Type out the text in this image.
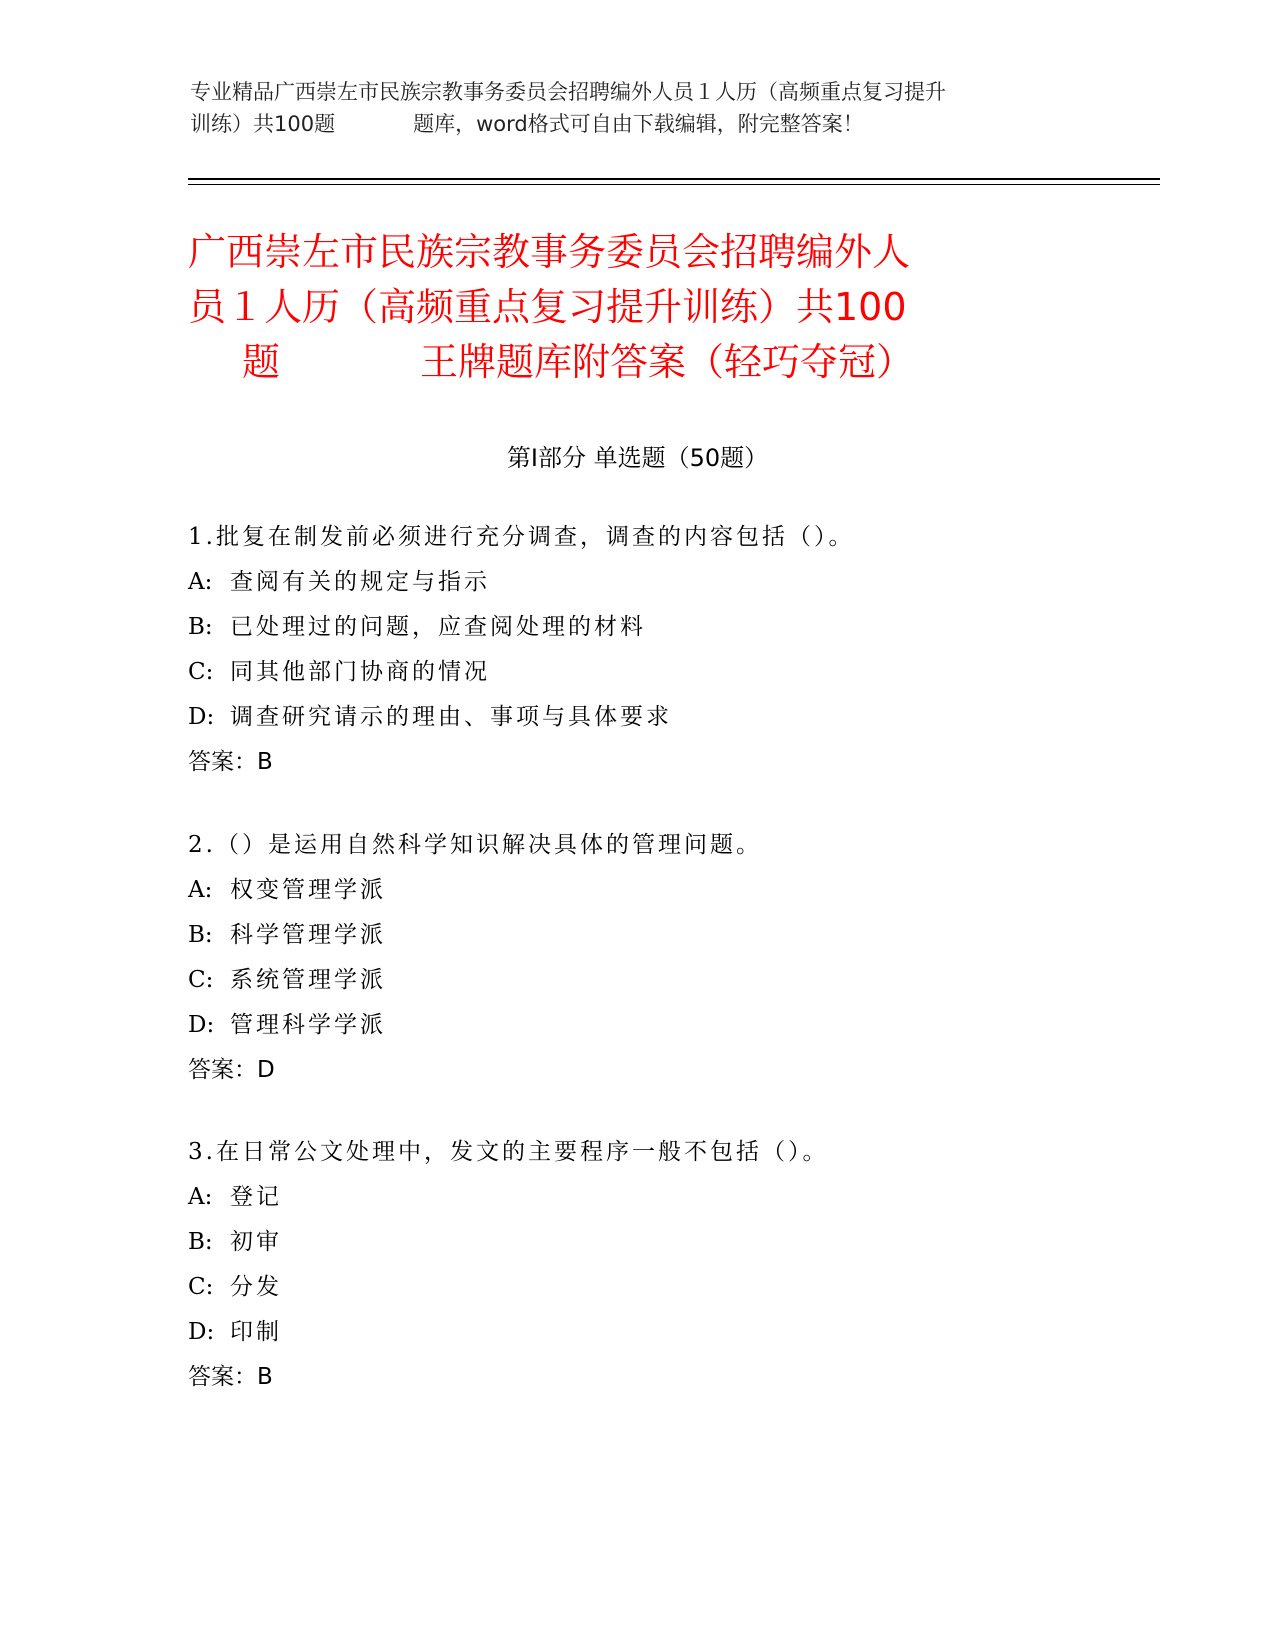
专业精品广西崇左市民族宗教事务委员会招聘编外人员１人历（高频重点复习提升
训练）共100题	题库，word格式可自由下载编辑，附完整答案！
广西崇左市民族宗教事务委员会招聘编外人
员１人历（高频重点复习提升训练）共100
题	王牌题库附答案（轻巧夺冠）
第Ⅰ部分 单选题（50题）
1.批复在制发前必须进行充分调查，调查的内容包括（）。
A: 查阅有关的规定与指示
B: 已处理过的问题，应查阅处理的材料
C: 同其他部门协商的情况
D: 调查研究请示的理由、事项与具体要求
答案：B
2.（）是运用自然科学知识解决具体的管理问题。
A: 权变管理学派
B: 科学管理学派
C: 系统管理学派
D: 管理科学学派
答案：D
3.在日常公文处理中，发文的主要程序一般不包括（）。
A: 登记
B: 初审
C: 分发
D: 印制
答案：B
